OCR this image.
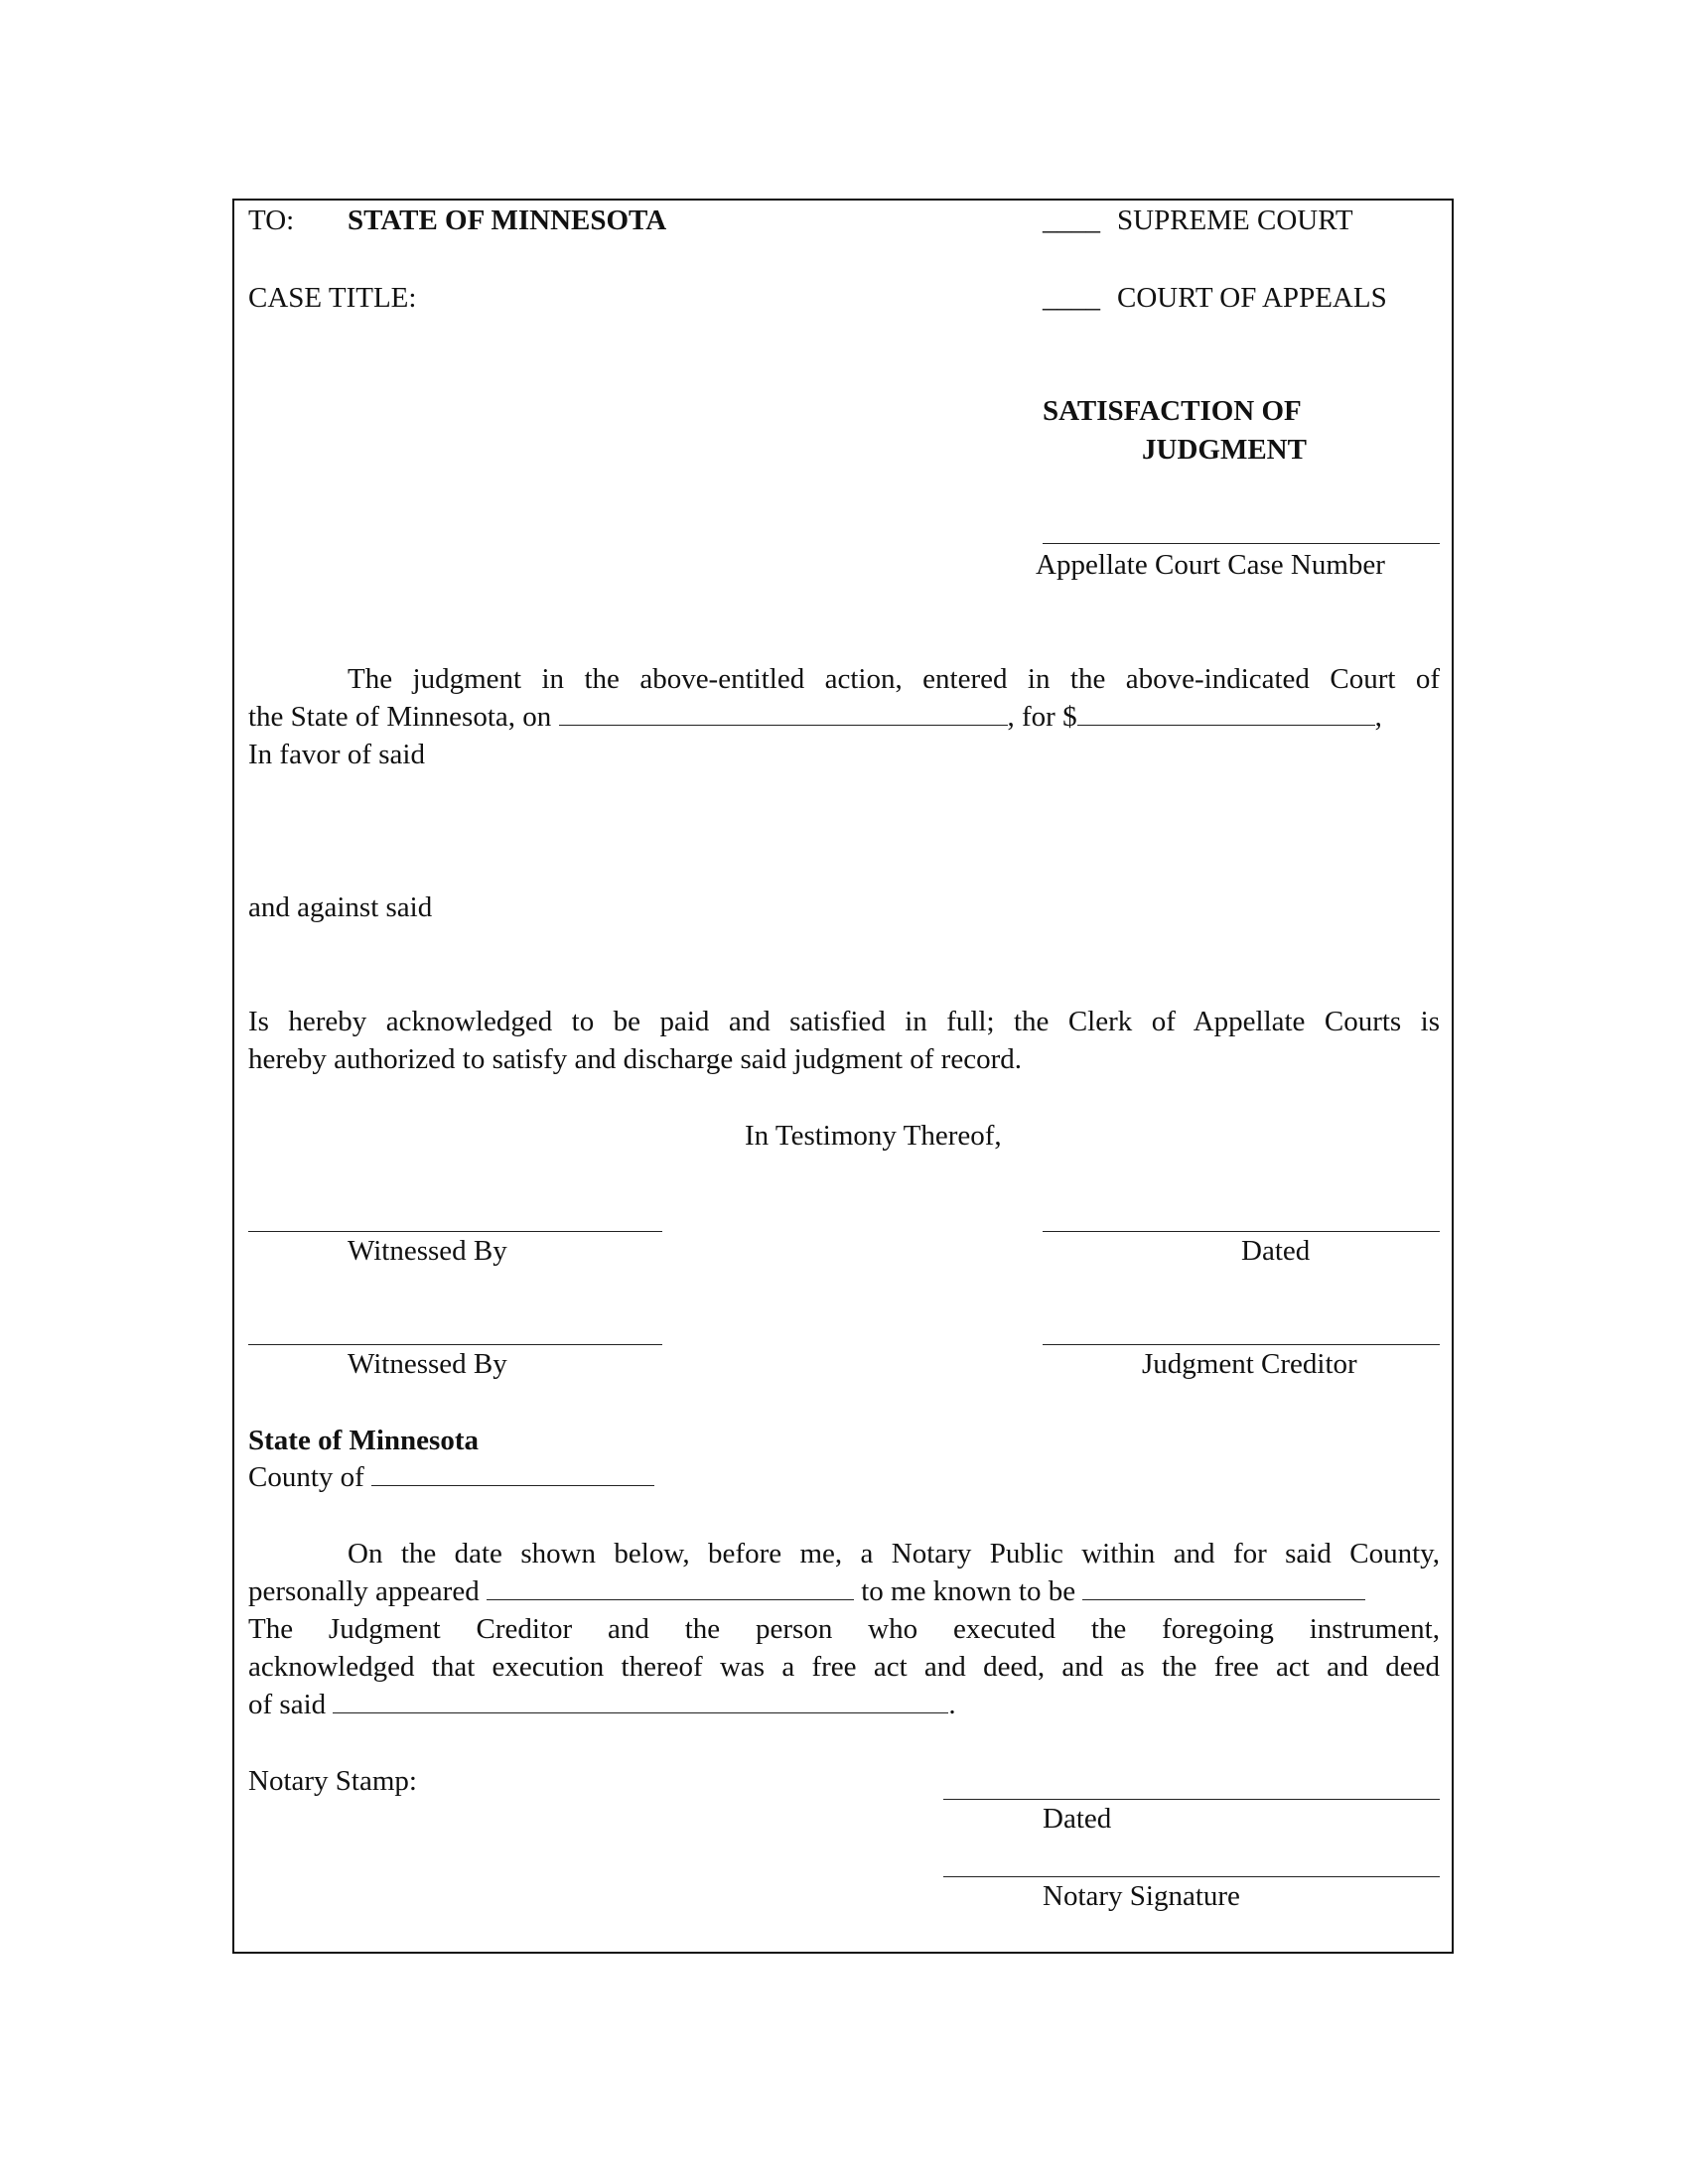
TO: STATE OF MINNESOTA	____ SUPREME COURT
CASE TITLE:	____ COURT OF APPEALS
SATISFACTION OF
JUDGMENT
Appellate Court Case Number
The judgment in the above-entitled action, entered in the above-indicated Court of
the State of Minnesota, on	, for $	,
In favor of said
and against said
Is hereby acknowledged to be paid and satisfied in full; the Clerk of Appellate Courts is
hereby authorized to satisfy and discharge said judgment of record.
In Testimony Thereof,
Witnessed By	Dated
Witnessed By	Judgment Creditor
State of Minnesota
County of
On the date shown below, before me, a Notary Public within and for said County,
personally appeared	to me known to be
The Judgment Creditor and the person who executed the foregoing instrument,
acknowledged that execution thereof was a free act and deed, and as the free act and deed
of said	.
Notary Stamp:
Dated
Notary Signature
